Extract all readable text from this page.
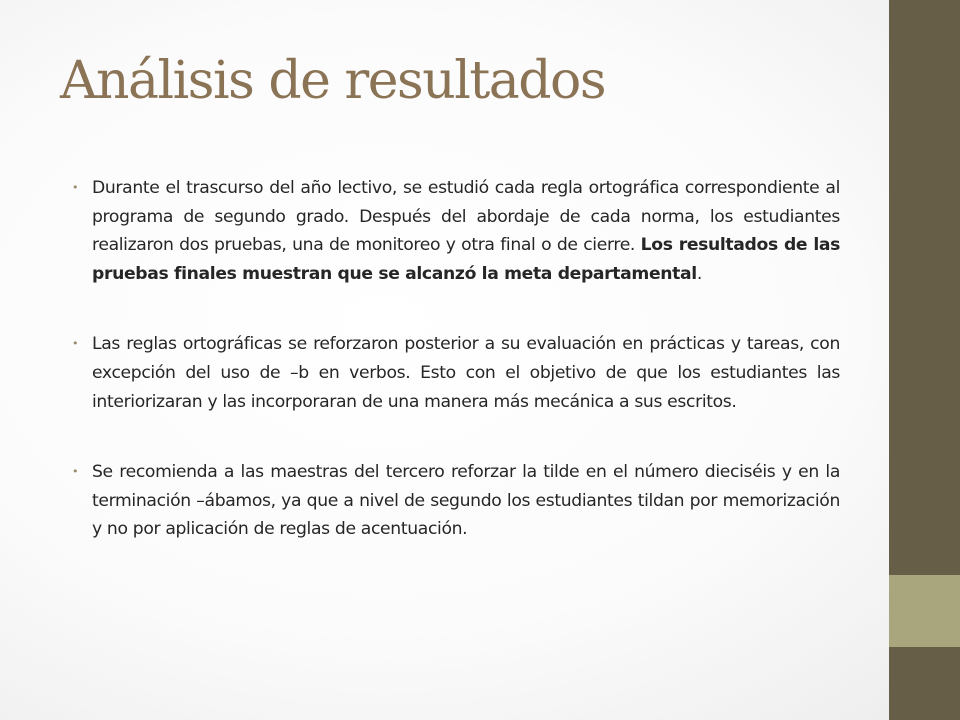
Análisis de resultados
• Durante el trascurso del año lectivo, se estudió cada regla ortográfica correspondiente al programa de segundo grado. Después del abordaje de cada norma, los estudiantes realizaron dos pruebas, una de monitoreo y otra final o de cierre. Los resultados de las pruebas finales muestran que se alcanzó la meta departamental.
• Las reglas ortográficas se reforzaron posterior a su evaluación en prácticas y tareas, con excepción del uso de –b en verbos. Esto con el objetivo de que los estudiantes las interiorizaran y las incorporaran de una manera más mecánica a sus escritos.
• Se recomienda a las maestras del tercero reforzar la tilde en el número dieciséis y en la terminación –ábamos, ya que a nivel de segundo los estudiantes tildan por memorización y no por aplicación de reglas de acentuación.
